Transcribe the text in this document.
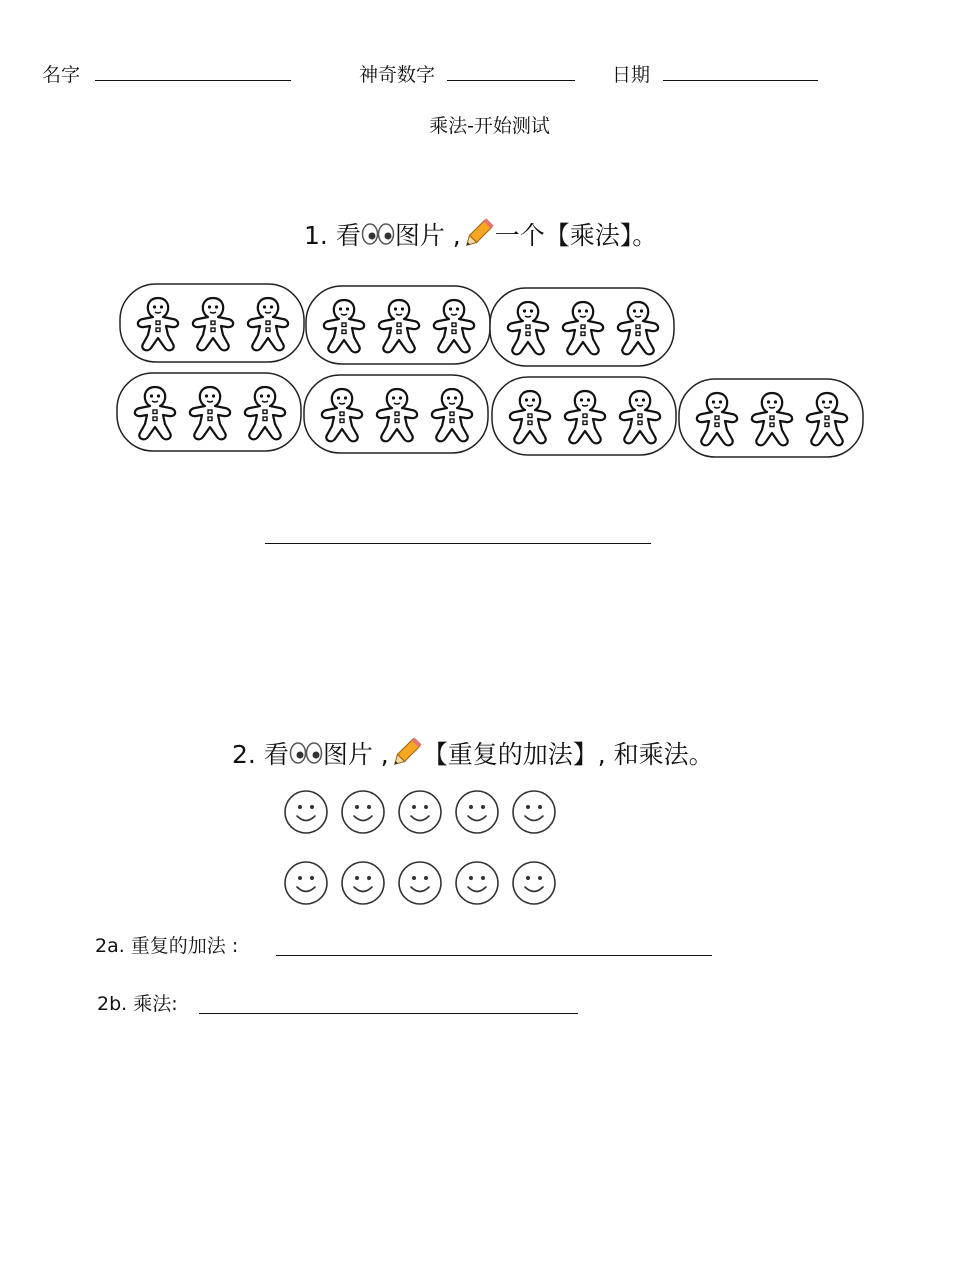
名字	神奇数字	日期
乘法-开始测试
1. 看 图片 , 一个【乘法】。
2. 看 图片 , 【重复的加法】, 和乘法。
2a. 重复的加法 :
2b. 乘法:
